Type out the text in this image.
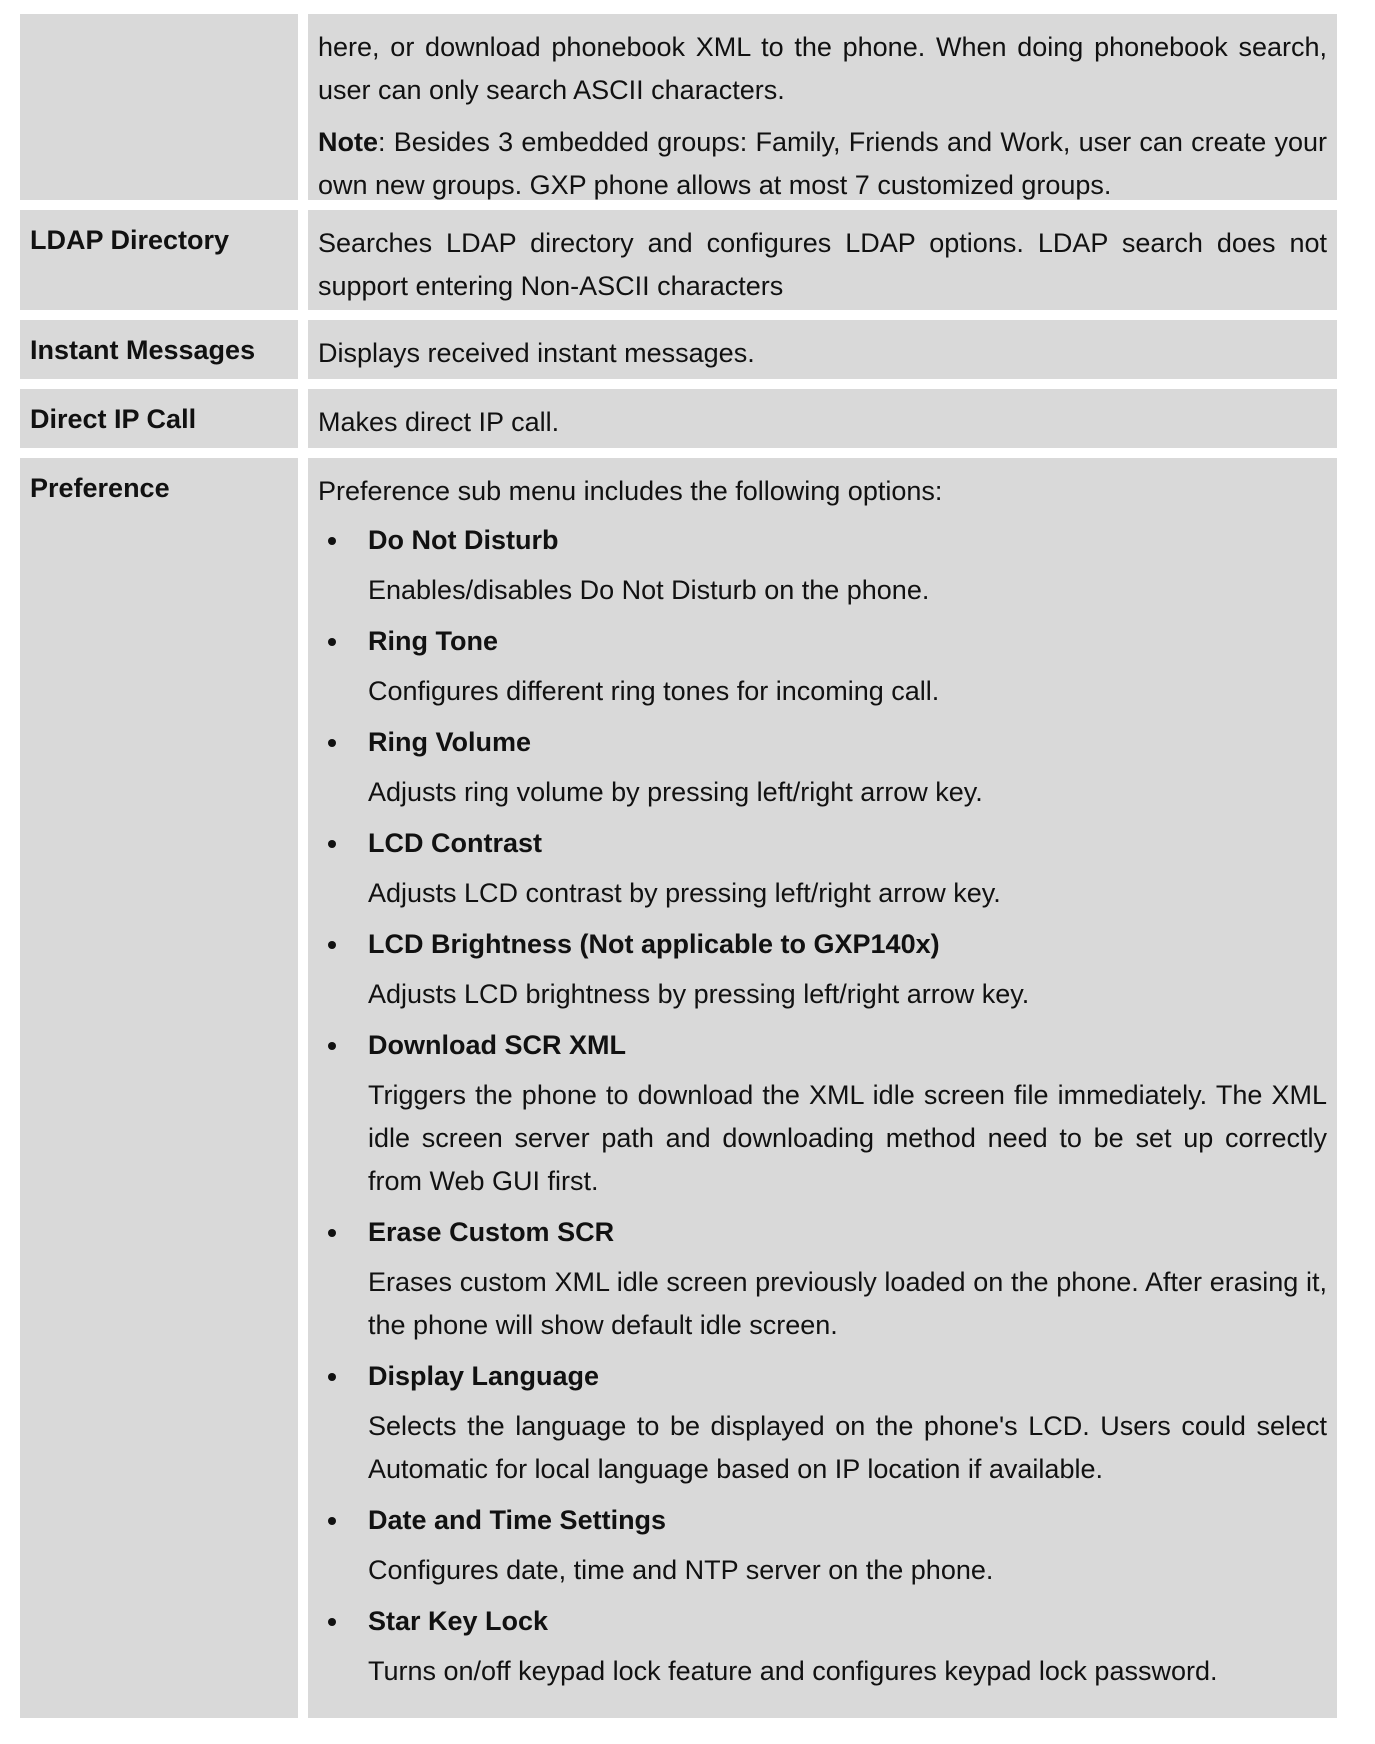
here, or download phonebook XML to the phone. When doing phonebook search, user can only search ASCII characters.

Note: Besides 3 embedded groups: Family, Friends and Work, user can create your own new groups. GXP phone allows at most 7 customized groups.

LDAP Directory	Searches LDAP directory and configures LDAP options. LDAP search does not support entering Non-ASCII characters

Instant Messages	Displays received instant messages.

Direct IP Call	Makes direct IP call.

Preference	Preference sub menu includes the following options:

Do Not Disturb
Enables/disables Do Not Disturb on the phone.
Ring Tone
Configures different ring tones for incoming call.
Ring Volume
Adjusts ring volume by pressing left/right arrow key.
LCD Contrast
Adjusts LCD contrast by pressing left/right arrow key.
LCD Brightness (Not applicable to GXP140x)
Adjusts LCD brightness by pressing left/right arrow key.
Download SCR XML
Triggers the phone to download the XML idle screen file immediately. The XML idle screen server path and downloading method need to be set up correctly from Web GUI first.
Erase Custom SCR
Erases custom XML idle screen previously loaded on the phone. After erasing it, the phone will show default idle screen.
Display Language
Selects the language to be displayed on the phone's LCD. Users could select Automatic for local language based on IP location if available.
Date and Time Settings
Configures date, time and NTP server on the phone.
Star Key Lock
Turns on/off keypad lock feature and configures keypad lock password.
